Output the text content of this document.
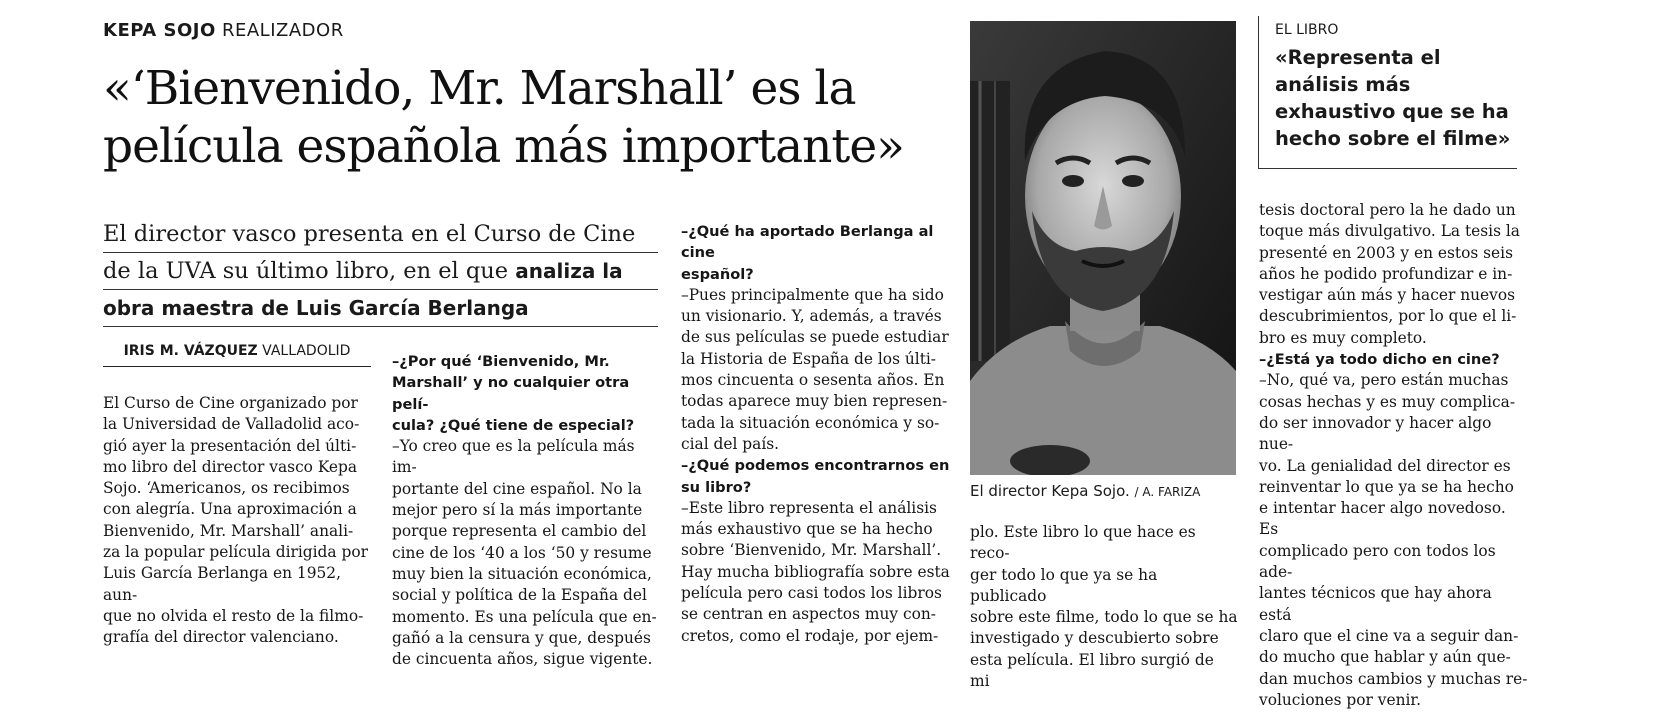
KEPA SOJO REALIZADOR
«‘Bienvenido, Mr. Marshall’ es la película española más importante»
El director vasco presenta en el Curso de Cine
de la UVA su último libro, en el que analiza la
obra maestra de Luis García Berlanga
IRIS M. VÁZQUEZ VALLADOLID

El Curso de Cine organizado por

la Universidad de Valladolid aco-

gió ayer la presentación del últi-

mo libro del director vasco Kepa

Sojo. ‘Americanos, os recibimos

con alegría. Una aproximación a

Bienvenido, Mr. Marshall’ anali-

za la popular película dirigida por

Luis García Berlanga en 1952, aun-

que no olvida el resto de la filmo-

grafía del director valenciano.

–¿Por qué ‘Bienvenido, Mr.

Marshall’ y no cualquier otra pelí-

cula? ¿Qué tiene de especial?

–Yo creo que es la película más im-

portante del cine español. No la

mejor pero sí la más importante

porque representa el cambio del

cine de los ‘40 a los ‘50 y resume

muy bien la situación económica,

social y política de la España del

momento. Es una película que en-

gañó a la censura y que, después

de cincuenta años, sigue vigente.

–¿Qué ha aportado Berlanga al cine

español?

–Pues principalmente que ha sido

un visionario. Y, además, a través

de sus películas se puede estudiar

la Historia de España de los últi-

mos cincuenta o sesenta años. En

todas aparece muy bien represen-

tada la situación económica y so-

cial del país.

–¿Qué podemos encontrarnos en

su libro?

–Este libro representa el análisis

más exhaustivo que se ha hecho

sobre ‘Bienvenido, Mr. Marshall’.

Hay mucha bibliografía sobre esta

película pero casi todos los libros

se centran en aspectos muy con-

cretos, como el rodaje, por ejem-

El director Kepa Sojo. / A. FARIZA

plo. Este libro lo que hace es reco-

ger todo lo que ya se ha publicado

sobre este filme, todo lo que se ha

investigado y descubierto sobre

esta película. El libro surgió de mi

EL LIBRO
«Representa el análisis más exhaustivo que se ha hecho sobre el filme»

tesis doctoral pero la he dado un

toque más divulgativo. La tesis la

presenté en 2003 y en estos seis

años he podido profundizar e in-

vestigar aún más y hacer nuevos

descubrimientos, por lo que el li-

bro es muy completo.

–¿Está ya todo dicho en cine?

–No, qué va, pero están muchas

cosas hechas y es muy complica-

do ser innovador y hacer algo nue-

vo. La genialidad del director es

reinventar lo que ya se ha hecho

e intentar hacer algo novedoso. Es

complicado pero con todos los ade-

lantes técnicos que hay ahora está

claro que el cine va a seguir dan-

do mucho que hablar y aún que-

dan muchos cambios y muchas re-

voluciones por venir.
